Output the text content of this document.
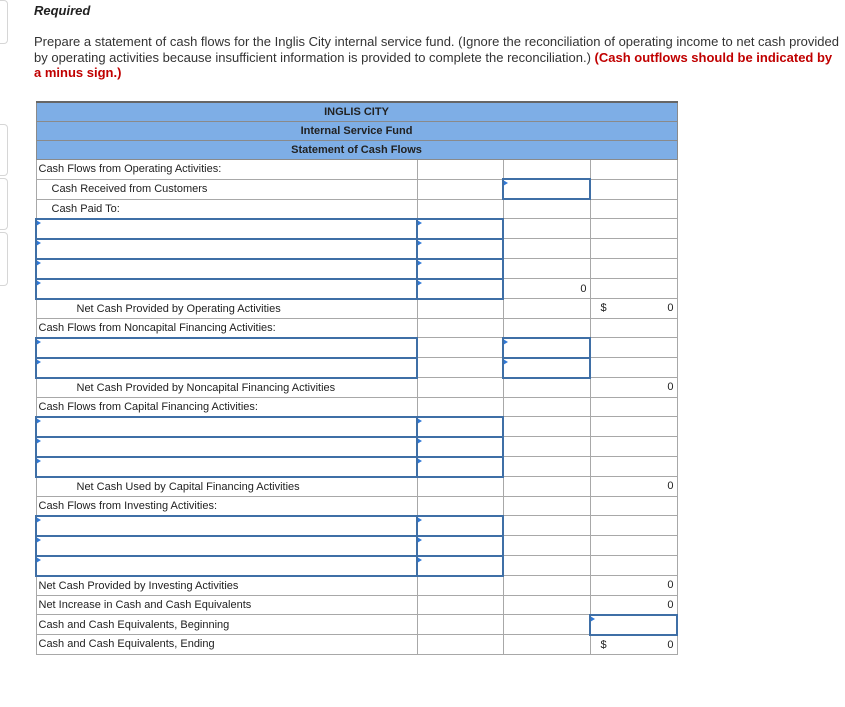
Required
Prepare a statement of cash flows for the Inglis City internal service fund. (Ignore the reconciliation of operating income to net cash provided by operating activities because insufficient information is provided to complete the reconciliation.) (Cash outflows should be indicated by a minus sign.)
INGLIS CITY			
Internal Service Fund			
Statement of Cash Flows			
Cash Flows from Operating Activities:			
Cash Received from Customers			
Cash Paid To:			

		0	
Net Cash Provided by Operating Activities			$ 0

Cash Flows from Noncapital Financing Activities:			

Net Cash Provided by Noncapital Financing Activities			0
Cash Flows from Capital Financing Activities:			

Net Cash Used by Capital Financing Activities			0
Cash Flows from Investing Activities:			

Net Cash Provided by Investing Activities			0
Net Increase in Cash and Cash Equivalents			0
Cash and Cash Equivalents, Beginning			
Cash and Cash Equivalents, Ending			$ 0
